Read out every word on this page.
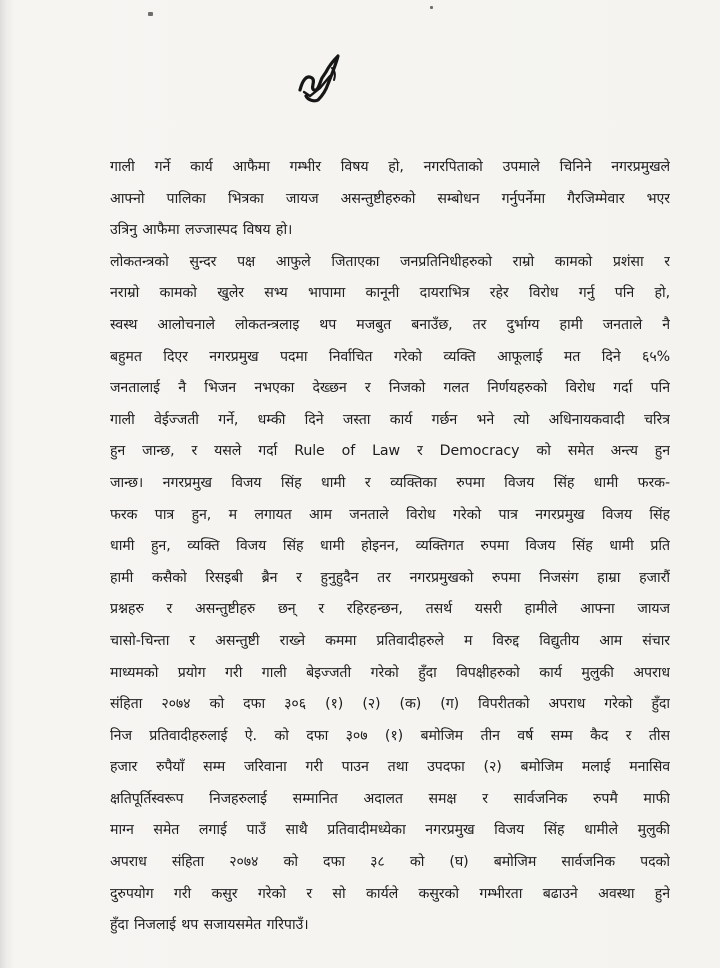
गाली गर्ने कार्य आफैमा गम्भीर विषय हो, नगरपिताको उपमाले चिनिने नगरप्रमुखले
आफ्नो पालिका भित्रका जायज असन्तुष्टीहरुको सम्बोधन गर्नुपर्नेमा गैरजिम्मेवार भएर
उत्रिनु आफैमा लज्जास्पद विषय हो।
लोकतन्त्रको सुन्दर पक्ष आफुले जिताएका जनप्रतिनिधीहरुको राम्रो कामको प्रशंसा र
नराम्रो कामको खुलेर सभ्य भापामा कानूनी दायराभित्र रहेर विरोध गर्नु पनि हो,
स्वस्थ आलोचनाले लोकतन्त्रलाइ थप मजबुत बनाउँछ, तर दुर्भाग्य हामी जनताले नै
बहुमत दिएर नगरप्रमुख पदमा निर्वाचित गरेको व्यक्ति आफूलाई मत दिने ६५%
जनतालाई नै भिजन नभएका देख्छन र निजको गलत निर्णयहरुको विरोध गर्दा पनि
गाली वेईज्जती गर्ने, धम्की दिने जस्ता कार्य गर्छन भने त्यो अधिनायकवादी चरित्र
हुन जान्छ, र यसले गर्दा Rule of Law र Democracy को समेत अन्त्य हुन
जान्छ। नगरप्रमुख विजय सिंह धामी र व्यक्तिका रुपमा विजय सिंह धामी फरक-
फरक पात्र हुन, म लगायत आम जनताले विरोध गरेको पात्र नगरप्रमुख विजय सिंह
धामी हुन, व्यक्ति विजय सिंह धामी होइनन, व्यक्तिगत रुपमा विजय सिंह धामी प्रति
हामी कसैको रिसइबी ब्रैन र हुनुहुदैन तर नगरप्रमुखको रुपमा निजसंग हाम्रा हजारौं
प्रश्नहरु र असन्तुष्टीहरु छन् र रहिरहन्छन, तसर्थ यसरी हामीले आफ्ना जायज
चासो-चिन्ता र असन्तुष्टी राख्ने कममा प्रतिवादीहरुले म विरुद्द विद्युतीय आम संचार
माध्यमको प्रयोग गरी गाली बेइज्जती गरेको हुँदा विपक्षीहरुको कार्य मुलुकी अपराध
संहिता २०७४ को दफा ३०६ (१) (२) (क) (ग) विपरीतको अपराध गरेको हुँदा
निज प्रतिवादीहरुलाई ऐ. को दफा ३०७ (१) बमोजिम तीन वर्ष सम्म कैद र तीस
हजार रुपैयाँ सम्म जरिवाना गरी पाउन तथा उपदफा (२) बमोजिम मलाई मनासिव
क्षतिपूर्तिस्वरूप निजहरुलाई सम्मानित अदालत समक्ष र सार्वजनिक रुपमै माफी
माग्न समेत लगाई पाउँ साथै प्रतिवादीमध्येका नगरप्रमुख विजय सिंह धामीले मुलुकी
अपराध संहिता २०७४ को दफा ३८ को (घ) बमोजिम सार्वजनिक पदको
दुरुपयोग गरी कसुर गरेको र सो कार्यले कसुरको गम्भीरता बढाउने अवस्था हुने
हुँदा निजलाई थप सजायसमेत गरिपाउँ।
